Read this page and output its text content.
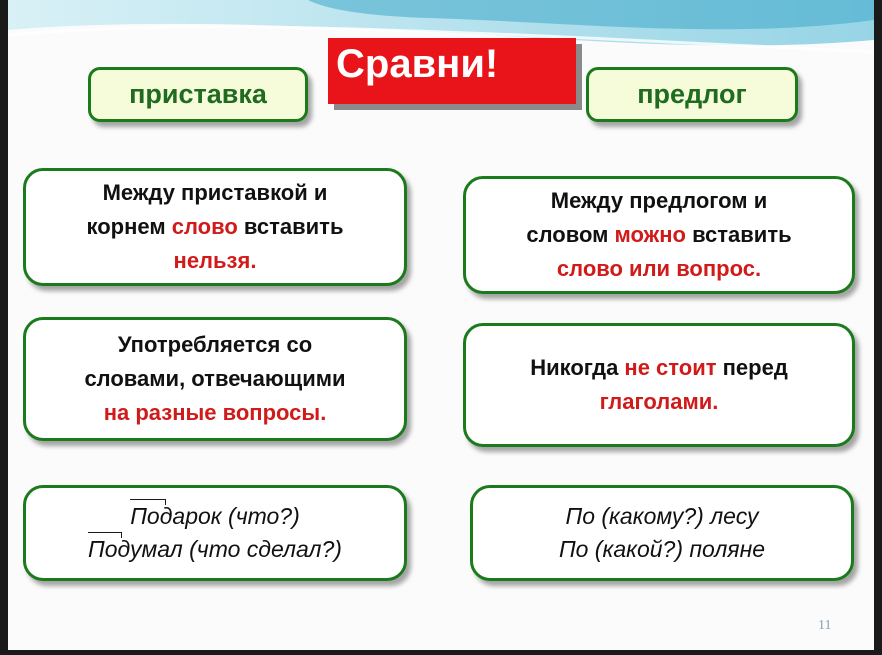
Сравни!
приставка	предлог
Между приставкой и
корнем слово вставить
нельзя.
Между предлогом и
словом можно вставить
слово или вопрос.
Употребляется со
словами, отвечающими
на разные вопросы.
Никогда не стоит перед
глаголами.
Подарок (что?)
Подумал (что сделал?)
По (какому?) лесу
По (какой?) поляне
11
